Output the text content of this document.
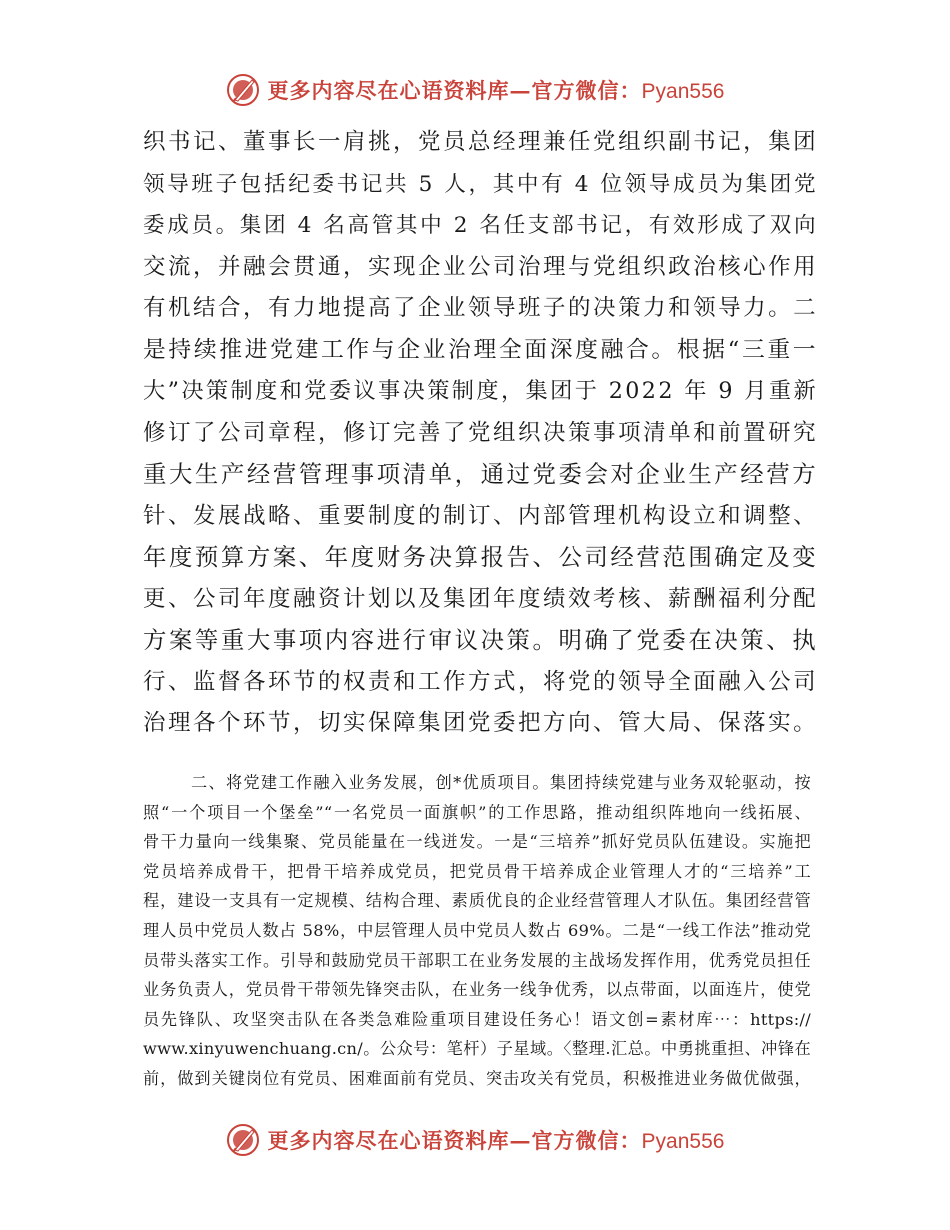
更多内容尽在心语资料库—官方微信：Pyan556
织书记、董事长一肩挑，党员总经理兼任党组织副书记，集团
领导班子包括纪委书记共 5 人，其中有 4 位领导成员为集团党
委成员。集团 4 名高管其中 2 名任支部书记，有效形成了双向
交流，并融会贯通，实现企业公司治理与党组织政治核心作用
有机结合，有力地提高了企业领导班子的决策力和领导力。二
是持续推进党建工作与企业治理全面深度融合。根据“三重一
大”决策制度和党委议事决策制度，集团于 2022 年 9 月重新
修订了公司章程，修订完善了党组织决策事项清单和前置研究
重大生产经营管理事项清单，通过党委会对企业生产经营方
针、发展战略、重要制度的制订、内部管理机构设立和调整、
年度预算方案、年度财务决算报告、公司经营范围确定及变
更、公司年度融资计划以及集团年度绩效考核、薪酬福利分配
方案等重大事项内容进行审议决策。明确了党委在决策、执
行、监督各环节的权责和工作方式，将党的领导全面融入公司
治理各个环节，切实保障集团党委把方向、管大局、保落实。
二、将党建工作融入业务发展，创*优质项目。集团持续党建与业务双轮驱动，按
照“一个项目一个堡垒”“一名党员一面旗帜”的工作思路，推动组织阵地向一线拓展、
骨干力量向一线集聚、党员能量在一线迸发。一是“三培养”抓好党员队伍建设。实施把
党员培养成骨干，把骨干培养成党员，把党员骨干培养成企业管理人才的“三培养”工
程，建设一支具有一定规模、结构合理、素质优良的企业经营管理人才队伍。集团经营管
理人员中党员人数占 58%，中层管理人员中党员人数占 69%。二是“一线工作法”推动党
员带头落实工作。引导和鼓励党员干部职工在业务发展的主战场发挥作用，优秀党员担任
业务负责人，党员骨干带领先锋突击队，在业务一线争优秀，以点带面，以面连片，使党
员先锋队、攻坚突击队在各类急难险重项目建设任务心！语文创=素材库⋯：https://
www.xinyuwenchuang.cn/。公众号：笔杆）子星域。〈整理.汇总。中勇挑重担、冲锋在
前，做到关键岗位有党员、困难面前有党员、突击攻关有党员，积极推进业务做优做强，
更多内容尽在心语资料库—官方微信：Pyan556
